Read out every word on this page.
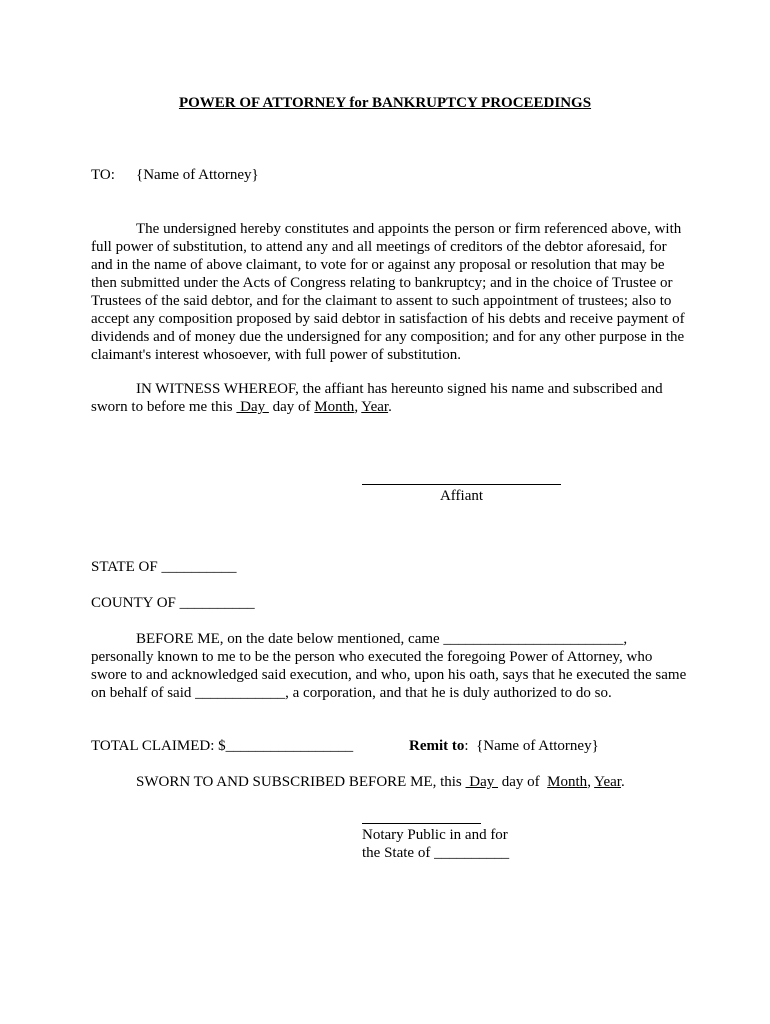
POWER OF ATTORNEY for BANKRUPTCY PROCEEDINGS
TO: {Name of Attorney}

The undersigned hereby constitutes and appoints the person or firm referenced above, with full power of substitution, to attend any and all meetings of creditors of the debtor aforesaid, for and in the name of above claimant, to vote for or against any proposal or resolution that may be then submitted under the Acts of Congress relating to bankruptcy; and in the choice of Trustee or Trustees of the said debtor, and for the claimant to assent to such appointment of trustees; also to accept any composition proposed by said debtor in satisfaction of his debts and receive payment of dividends and of money due the undersigned for any composition; and for any other purpose in the claimant's interest whosoever, with full power of substitution.

IN WITNESS WHEREOF, the affiant has hereunto signed his name and subscribed and
sworn to before me this  Day  day of Month, Year.
Affiant
STATE OF __________
COUNTY OF __________
BEFORE ME, on the date below mentioned, came ________________________,
personally known to me to be the person who executed the foregoing Power of Attorney, who
swore to and acknowledged said execution, and who, upon his oath, says that he executed the same
on behalf of said ____________, a corporation, and that he is duly authorized to do so.
TOTAL CLAIMED: $_________________	Remit to:  {Name of Attorney}
SWORN TO AND SUBSCRIBED BEFORE ME, this  Day  day of  Month, Year.
Notary Public in and for
the State of __________
